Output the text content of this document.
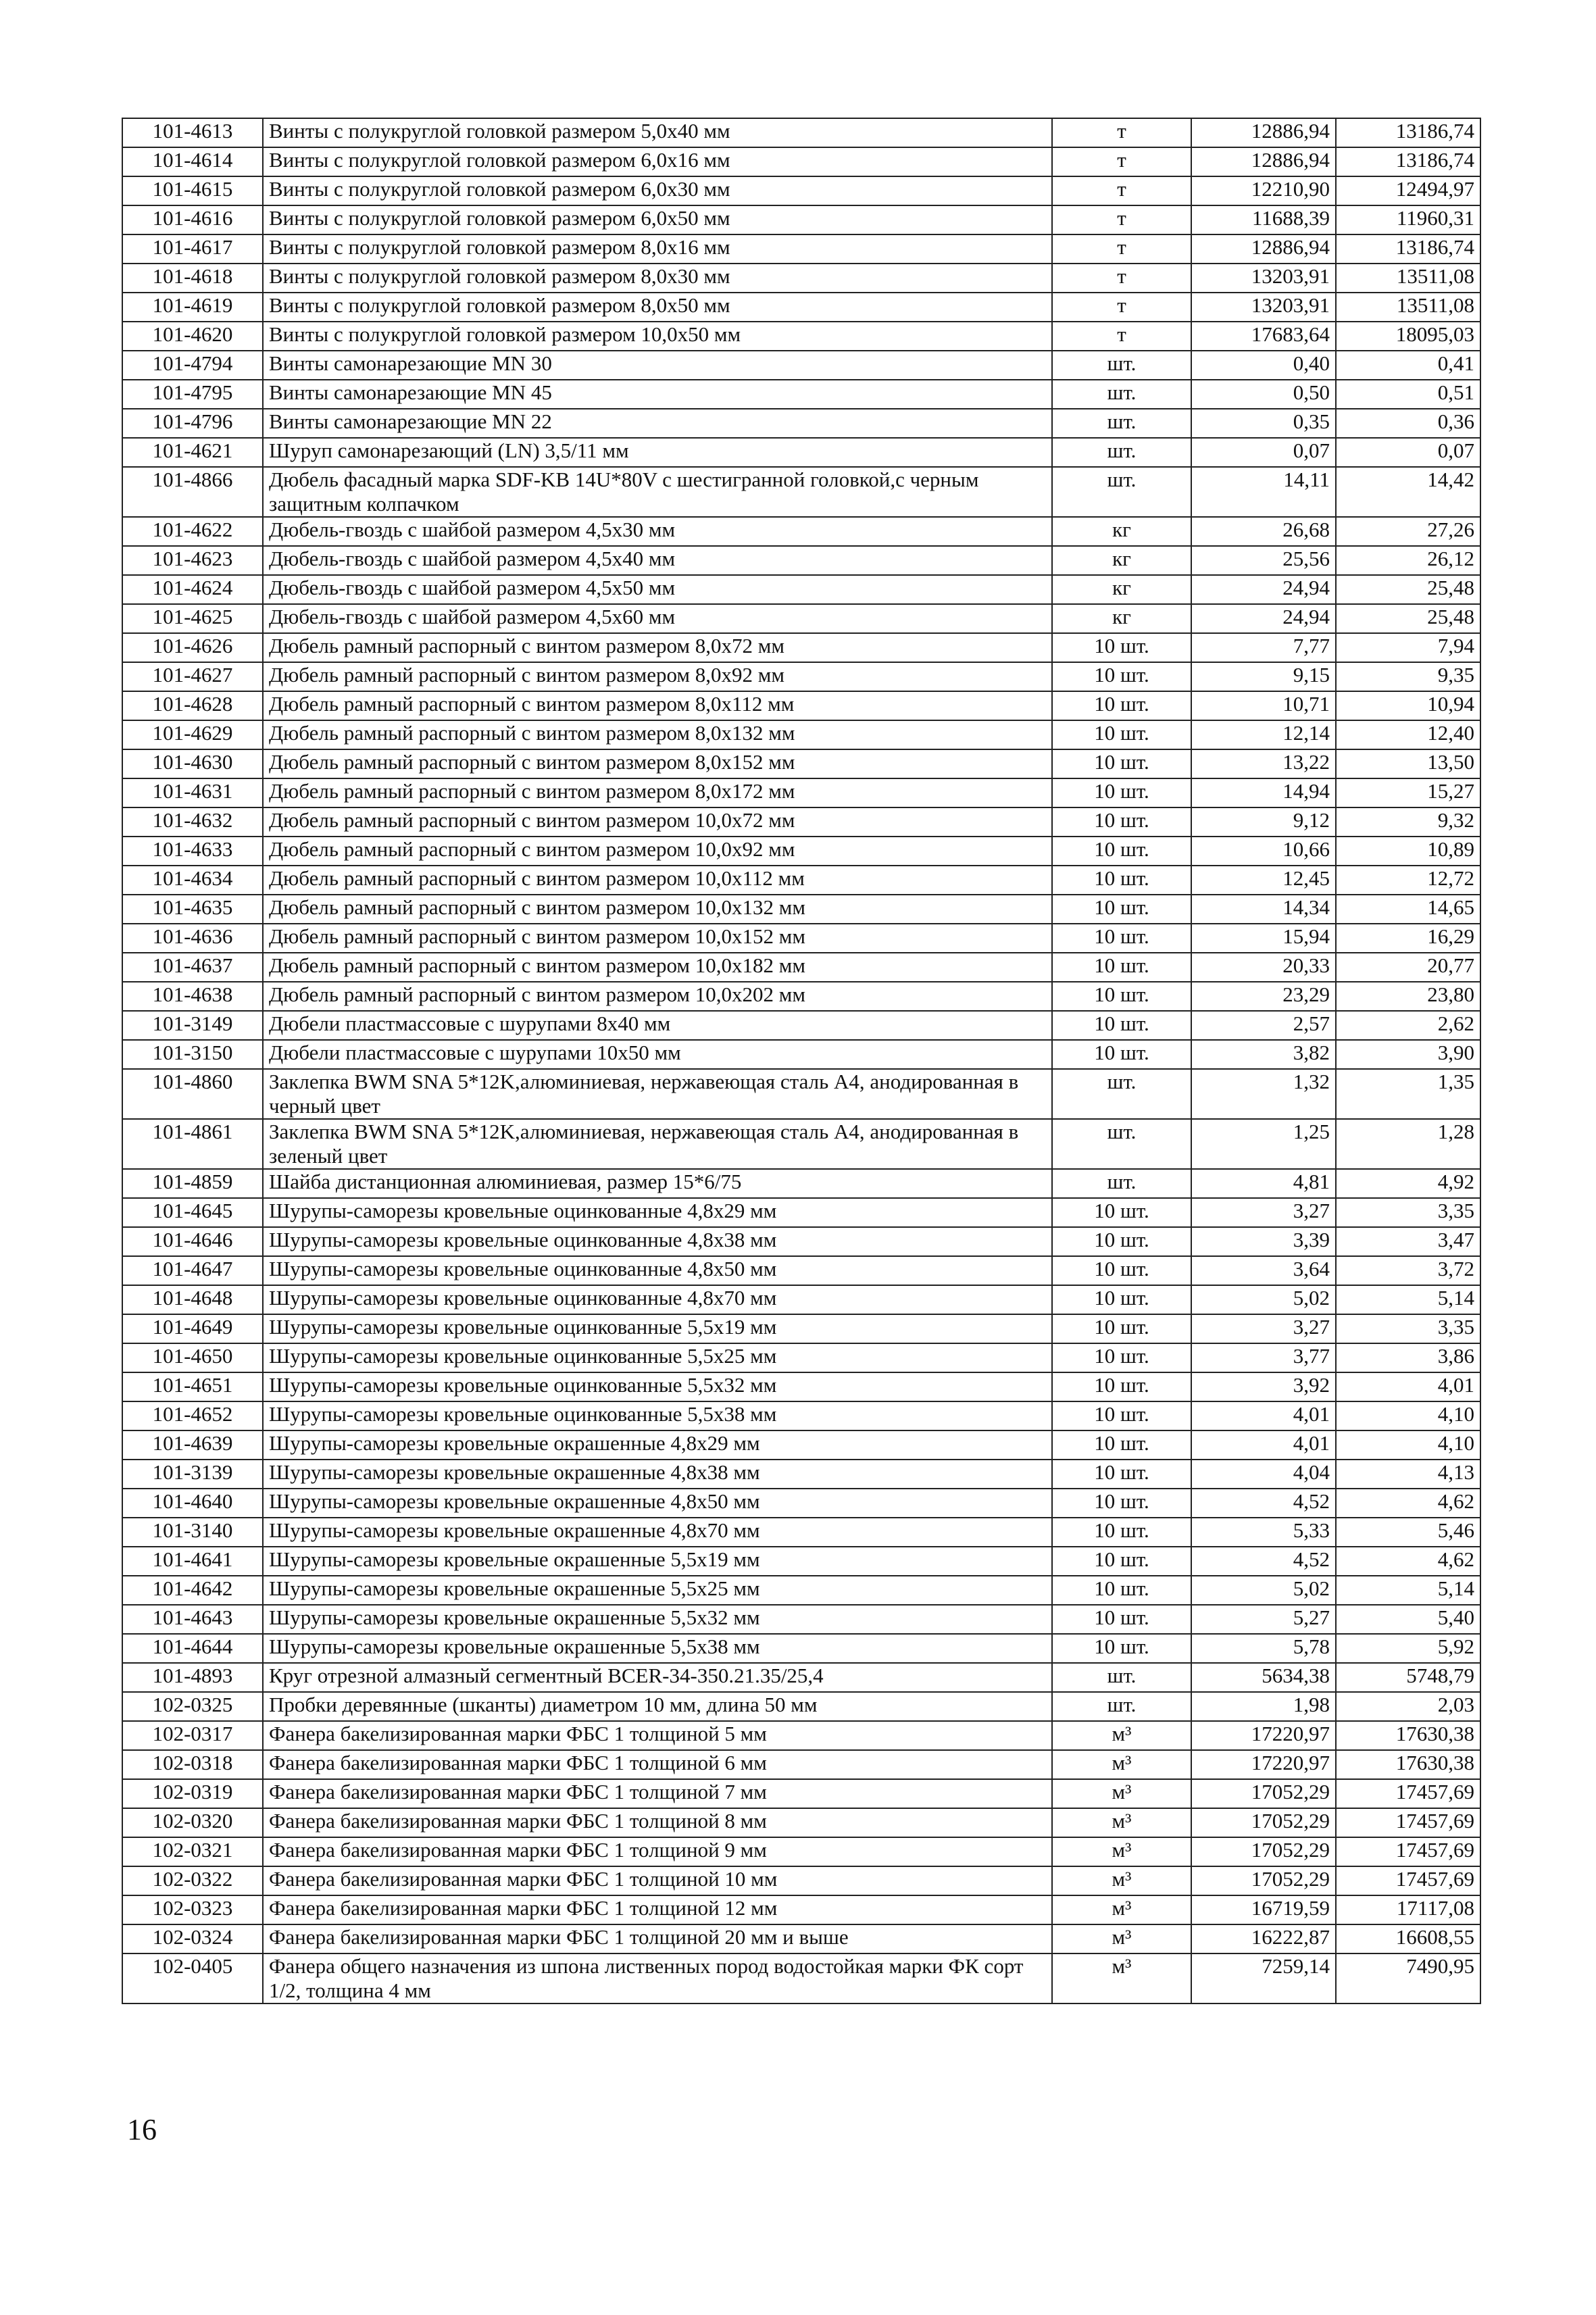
101-4613	Винты с полукруглой головкой размером 5,0х40 мм	т	12886,94	13186,74
101-4614	Винты с полукруглой головкой размером 6,0х16 мм	т	12886,94	13186,74
101-4615	Винты с полукруглой головкой размером 6,0х30 мм	т	12210,90	12494,97
101-4616	Винты с полукруглой головкой размером 6,0х50 мм	т	11688,39	11960,31
101-4617	Винты с полукруглой головкой размером 8,0х16 мм	т	12886,94	13186,74
101-4618	Винты с полукруглой головкой размером 8,0х30 мм	т	13203,91	13511,08
101-4619	Винты с полукруглой головкой размером 8,0х50 мм	т	13203,91	13511,08
101-4620	Винты с полукруглой головкой размером 10,0х50 мм	т	17683,64	18095,03
101-4794	Винты самонарезающие MN 30	шт.	0,40	0,41
101-4795	Винты самонарезающие MN 45	шт.	0,50	0,51
101-4796	Винты самонарезающие MN 22	шт.	0,35	0,36
101-4621	Шуруп самонарезающий (LN) 3,5/11 мм	шт.	0,07	0,07
101-4866	Дюбель фасадный марка SDF-KB 14U*80V с шестигранной головкой,с черным защитным колпачком	шт.	14,11	14,42
101-4622	Дюбель-гвоздь с шайбой размером 4,5х30 мм	кг	26,68	27,26
101-4623	Дюбель-гвоздь с шайбой размером 4,5х40 мм	кг	25,56	26,12
101-4624	Дюбель-гвоздь с шайбой размером 4,5х50 мм	кг	24,94	25,48
101-4625	Дюбель-гвоздь с шайбой размером 4,5х60 мм	кг	24,94	25,48
101-4626	Дюбель рамный распорный с винтом размером 8,0х72 мм	10 шт.	7,77	7,94
101-4627	Дюбель рамный распорный с винтом размером 8,0х92 мм	10 шт.	9,15	9,35
101-4628	Дюбель рамный распорный с винтом размером 8,0х112 мм	10 шт.	10,71	10,94
101-4629	Дюбель рамный распорный с винтом размером 8,0х132 мм	10 шт.	12,14	12,40
101-4630	Дюбель рамный распорный с винтом размером 8,0х152 мм	10 шт.	13,22	13,50
101-4631	Дюбель рамный распорный с винтом размером 8,0х172 мм	10 шт.	14,94	15,27
101-4632	Дюбель рамный распорный с винтом размером 10,0х72 мм	10 шт.	9,12	9,32
101-4633	Дюбель рамный распорный с винтом размером 10,0х92 мм	10 шт.	10,66	10,89
101-4634	Дюбель рамный распорный с винтом размером 10,0х112 мм	10 шт.	12,45	12,72
101-4635	Дюбель рамный распорный с винтом размером 10,0х132 мм	10 шт.	14,34	14,65
101-4636	Дюбель рамный распорный с винтом размером 10,0х152 мм	10 шт.	15,94	16,29
101-4637	Дюбель рамный распорный с винтом размером 10,0х182 мм	10 шт.	20,33	20,77
101-4638	Дюбель рамный распорный с винтом размером 10,0х202 мм	10 шт.	23,29	23,80
101-3149	Дюбели пластмассовые с шурупами 8х40 мм	10 шт.	2,57	2,62
101-3150	Дюбели пластмассовые с шурупами 10х50 мм	10 шт.	3,82	3,90
101-4860	Заклепка BWM SNA 5*12K,алюминиевая, нержавеющая сталь А4, анодированная в черный цвет	шт.	1,32	1,35
101-4861	Заклепка BWM SNA 5*12K,алюминиевая, нержавеющая сталь А4, анодированная в зеленый цвет	шт.	1,25	1,28
101-4859	Шайба дистанционная алюминиевая, размер 15*6/75	шт.	4,81	4,92
101-4645	Шурупы-саморезы кровельные оцинкованные 4,8х29 мм	10 шт.	3,27	3,35
101-4646	Шурупы-саморезы кровельные оцинкованные 4,8х38 мм	10 шт.	3,39	3,47
101-4647	Шурупы-саморезы кровельные оцинкованные 4,8х50 мм	10 шт.	3,64	3,72
101-4648	Шурупы-саморезы кровельные оцинкованные 4,8х70 мм	10 шт.	5,02	5,14
101-4649	Шурупы-саморезы кровельные оцинкованные 5,5х19 мм	10 шт.	3,27	3,35
101-4650	Шурупы-саморезы кровельные оцинкованные 5,5х25 мм	10 шт.	3,77	3,86
101-4651	Шурупы-саморезы кровельные оцинкованные 5,5х32 мм	10 шт.	3,92	4,01
101-4652	Шурупы-саморезы кровельные оцинкованные 5,5х38 мм	10 шт.	4,01	4,10
101-4639	Шурупы-саморезы кровельные окрашенные 4,8х29 мм	10 шт.	4,01	4,10
101-3139	Шурупы-саморезы кровельные окрашенные 4,8х38 мм	10 шт.	4,04	4,13
101-4640	Шурупы-саморезы кровельные окрашенные 4,8х50 мм	10 шт.	4,52	4,62
101-3140	Шурупы-саморезы кровельные окрашенные 4,8х70 мм	10 шт.	5,33	5,46
101-4641	Шурупы-саморезы кровельные окрашенные 5,5х19 мм	10 шт.	4,52	4,62
101-4642	Шурупы-саморезы кровельные окрашенные 5,5х25 мм	10 шт.	5,02	5,14
101-4643	Шурупы-саморезы кровельные окрашенные 5,5х32 мм	10 шт.	5,27	5,40
101-4644	Шурупы-саморезы кровельные окрашенные 5,5х38 мм	10 шт.	5,78	5,92
101-4893	Круг отрезной алмазный сегментный BCER-34-350.21.35/25,4	шт.	5634,38	5748,79
102-0325	Пробки деревянные (шканты) диаметром 10 мм, длина 50 мм	шт.	1,98	2,03
102-0317	Фанера бакелизированная марки ФБС 1 толщиной 5 мм	м³	17220,97	17630,38
102-0318	Фанера бакелизированная марки ФБС 1 толщиной 6 мм	м³	17220,97	17630,38
102-0319	Фанера бакелизированная марки ФБС 1 толщиной 7 мм	м³	17052,29	17457,69
102-0320	Фанера бакелизированная марки ФБС 1 толщиной 8 мм	м³	17052,29	17457,69
102-0321	Фанера бакелизированная марки ФБС 1 толщиной 9 мм	м³	17052,29	17457,69
102-0322	Фанера бакелизированная марки ФБС 1 толщиной 10 мм	м³	17052,29	17457,69
102-0323	Фанера бакелизированная марки ФБС 1 толщиной 12 мм	м³	16719,59	17117,08
102-0324	Фанера бакелизированная марки ФБС 1 толщиной 20 мм и выше	м³	16222,87	16608,55
102-0405	Фанера общего назначения из шпона лиственных пород водостойкая марки ФК сорт 1/2, толщина 4 мм	м³	7259,14	7490,95
16
